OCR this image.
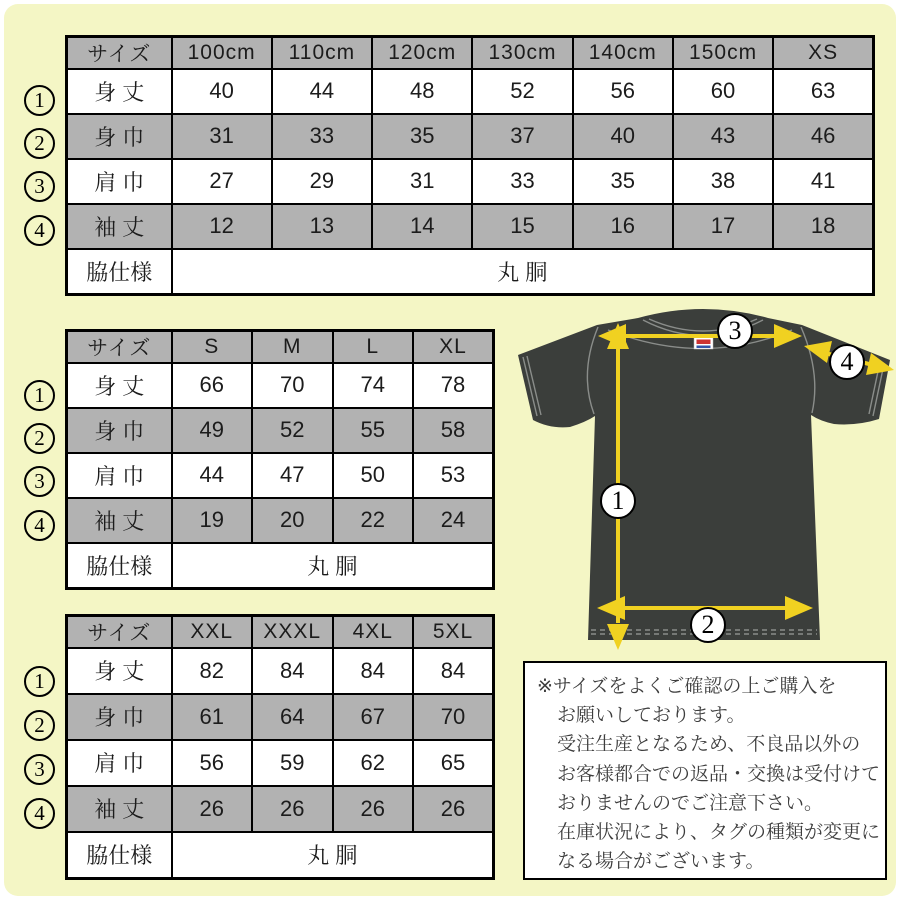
サイズ	100cm	110cm	120cm	130cm	140cm	150cm	XS
身 丈	40	44	48	52	56	60	63
身 巾	31	33	35	37	40	43	46
肩 巾	27	29	31	33	35	38	41
袖 丈	12	13	14	15	16	17	18
脇仕様	丸 胴						
サイズ	S	M	L	XL
身 丈	66	70	74	78
身 巾	49	52	55	58
肩 巾	44	47	50	53
袖 丈	19	20	22	24
脇仕様	丸 胴			
サイズ	XXL	XXXL	4XL	5XL
身 丈	82	84	84	84
身 巾	61	64	67	70
肩 巾	56	59	62	65
袖 丈	26	26	26	26
脇仕様	丸 胴			
1
2
3
4
1
2
3
4
1
2
3
4
1
2
3
4
※サイズをよくご確認の上ご購入を
お願いしております。
受注生産となるため、不良品以外の
お客様都合での返品・交換は受付けて
おりませんのでご注意下さい。
在庫状況により、タグの種類が変更に
なる場合がございます。
